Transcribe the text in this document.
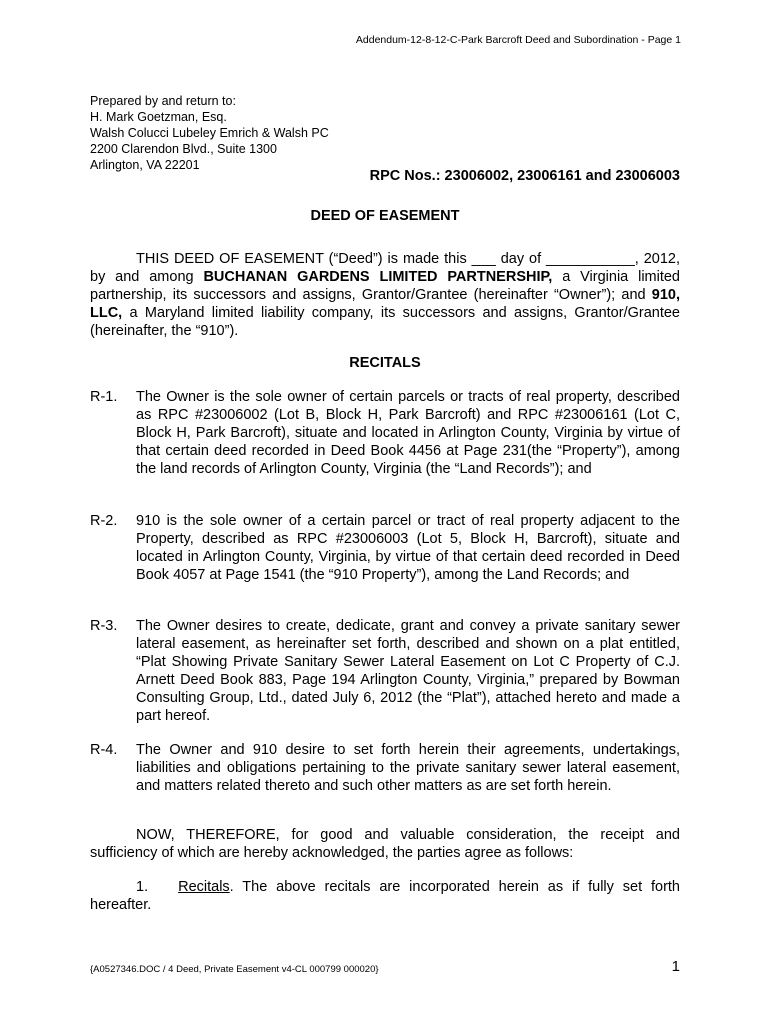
Addendum-12-8-12-C-Park Barcroft Deed and Subordination - Page 1
Prepared by and return to:
H. Mark Goetzman, Esq.
Walsh Colucci Lubeley Emrich & Walsh PC
2200 Clarendon Blvd., Suite 1300
Arlington, VA 22201
RPC Nos.: 23006002, 23006161 and 23006003
DEED OF EASEMENT
THIS DEED OF EASEMENT (“Deed”) is made this ___ day of ___________, 2012, by and among BUCHANAN GARDENS LIMITED PARTNERSHIP, a Virginia limited partnership, its successors and assigns, Grantor/Grantee (hereinafter “Owner”); and 910, LLC, a Maryland limited liability company, its successors and assigns, Grantor/Grantee (hereinafter, the “910”).
RECITALS
R-1. The Owner is the sole owner of certain parcels or tracts of real property, described as RPC #23006002 (Lot B, Block H, Park Barcroft) and RPC #23006161 (Lot C, Block H, Park Barcroft), situate and located in Arlington County, Virginia by virtue of that certain deed recorded in Deed Book 4456 at Page 231(the “Property”), among the land records of Arlington County, Virginia (the “Land Records”); and
R-2. 910 is the sole owner of a certain parcel or tract of real property adjacent to the Property, described as RPC #23006003 (Lot 5, Block H, Barcroft), situate and located in Arlington County, Virginia, by virtue of that certain deed recorded in Deed Book 4057 at Page 1541 (the “910 Property”), among the Land Records; and
R-3. The Owner desires to create, dedicate, grant and convey a private sanitary sewer lateral easement, as hereinafter set forth, described and shown on a plat entitled, “Plat Showing Private Sanitary Sewer Lateral Easement on Lot C Property of C.J. Arnett Deed Book 883, Page 194 Arlington County, Virginia,” prepared by Bowman Consulting Group, Ltd., dated July 6, 2012 (the “Plat”), attached hereto and made a part hereof.
R-4. The Owner and 910 desire to set forth herein their agreements, undertakings, liabilities and obligations pertaining to the private sanitary sewer lateral easement, and matters related thereto and such other matters as are set forth herein.
NOW, THEREFORE, for good and valuable consideration, the receipt and sufficiency of which are hereby acknowledged, the parties agree as follows:
1. Recitals. The above recitals are incorporated herein as if fully set forth hereafter.
{A0527346.DOC / 4 Deed, Private Easement v4-CL 000799 000020}	1
